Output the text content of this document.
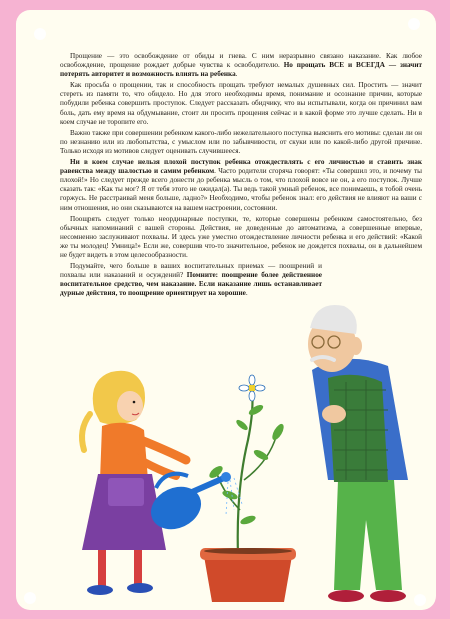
Прощение — это освобождение от обиды и гнева. С ним неразрывно связано наказание. Как любое освобождение, прощение рождает добрые чувства к освободителю. Но прощать ВСЕ и ВСЕГДА — значит потерять авторитет и возможность влиять на ребенка.

Как просьба о прощении, так и способность прощать требуют немалых душевных сил. Простить — значит стереть из памяти то, что обидело. Но для этого необходимы время, понимание и осознание причин, которые побудили ребенка совершить проступок. Следует рассказать обидчику, что вы испытывали, когда он причинил вам боль, дать ему время на обдумывание, стоит ли просить прощения сейчас и в какой форме это лучше сделать. Ни в коем случае не торопите его.

Важно также при совершении ребенком какого-либо нежелательного поступка выяснить его мотивы: сделан ли он по незнанию или из любопытства, с умыслом или по забывчивости, от скуки или по какой-либо другой причине. Только исходя из мотивов следует оценивать случившееся.

Ни в коем случае нельзя плохой поступок ребенка отождествлять с его личностью и ставить знак равенства между шалостью и самим ребенком. Часто родители сгоряча говорят: «Ты совершил это, и почему ты плохой!» Но следует прежде всего донести до ребенка мысль о том, что плохой вовсе не он, а его поступок. Лучше сказать так: «Как ты мог? Я от тебя этого не ожидал(а). Ты ведь такой умный ребенок, все понимаешь, я тобой очень горжусь. Не расстраивай меня больше, ладно?» Необходимо, чтобы ребенок знал: его действия не влияют на ваши с ним отношения, но они сказываются на вашем настроении, состоянии.

Поощрять следует только неординарные поступки, те, которые совершены ребенком самостоятельно, без обычных напоминаний с вашей стороны. Действия, не доведенные до автоматизма, а совершенные впервые, несомненно заслуживают похвалы. И здесь уже уместно отождествление личности ребенка и его действий: «Какой же ты молодец! Умница!» Если же, совершив что-то значительное, ребенок не дождется похвалы, он в дальнейшем не будет видеть в этом целесообразности.

Подумайте, чего больше в ваших воспитательных приемах — поощрений и похвалы или наказаний и осуждений? Помните: поощрение более действенное воспитательное средство, чем наказание. Если наказание лишь останавливает дурные действия, то поощрение ориентирует на хорошие.
